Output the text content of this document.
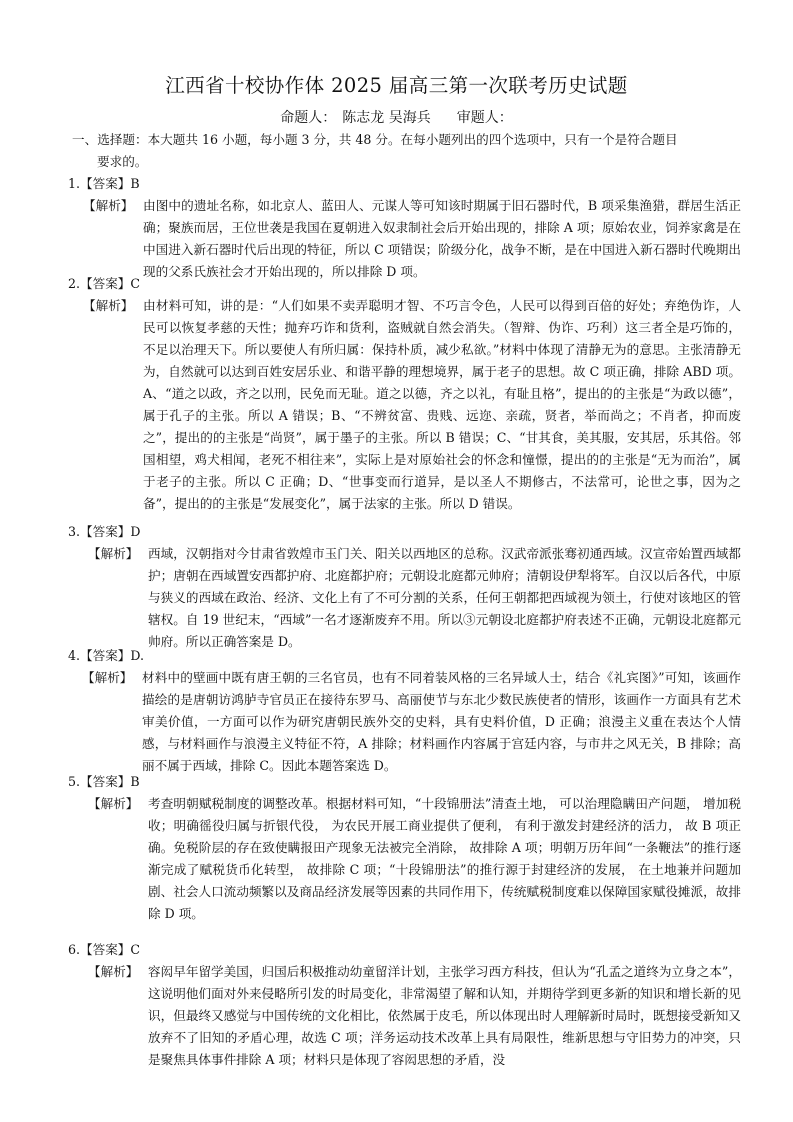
江西省十校协作体 2025 届高三第一次联考历史试题
命题人： 陈志龙 吴海兵 审题人：
一、选择题：本大题共 16 小题，每小题 3 分，共 48 分。在每小题列出的四个选项中，只有一个是符合题目
要求的。
1.【答案】B
【解析】 由图中的遗址名称，如北京人、蓝田人、元谋人等可知该时期属于旧石器时代，B 项采集渔猎，群居生活正确；聚族而居，王位世袭是我国在夏朝进入奴隶制社会后开始出现的，排除 A 项；原始农业，饲养家禽是在中国进入新石器时代后出现的特征，所以 C 项错误；阶级分化，战争不断，是在中国进入新石器时代晚期出现的父系氏族社会才开始出现的，所以排除 D 项。
2.【答案】C
【解析】 由材料可知，讲的是：“人们如果不卖弄聪明才智、不巧言令色，人民可以得到百倍的好处；弃绝伪诈，人民可以恢复孝慈的天性；抛弃巧诈和货利，盗贼就自然会消失。（智辩、伪诈、巧利）这三者全是巧饰的，不足以治理天下。所以要使人有所归属：保持朴质，减少私欲。”材料中体现了清静无为的意思。主张清静无为，自然就可以达到百姓安居乐业、和谐平静的理想境界，属于老子的思想。故 C 项正确，排除 ABD 项。A、“道之以政，齐之以刑，民免而无耻。道之以德，齐之以礼，有耻且格”，提出的的主张是“为政以德”，属于孔子的主张。所以 A 错误；B、“不辨贫富、贵贱、远迩、亲疏，贤者，举而尚之；不肖者，抑而废之”，提出的的主张是“尚贤”，属于墨子的主张。所以 B 错误；C、“甘其食，美其服，安其居，乐其俗。邻国相望，鸡犬相闻，老死不相往来”，实际上是对原始社会的怀念和憧憬，提出的的主张是“无为而治”，属于老子的主张。所以 C 正确；D、“世事变而行道异，是以圣人不期修古，不法常可，论世之事，因为之备”，提出的的主张是“发展变化”，属于法家的主张。所以 D 错误。
3.【答案】D
【解析】 西域，汉朝指对今甘肃省敦煌市玉门关、阳关以西地区的总称。汉武帝派张骞初通西域。汉宣帝始置西域都护；唐朝在西域置安西都护府、北庭都护府；元朝设北庭都元帅府；清朝设伊犁将军。自汉以后各代，中原与狭义的西域在政治、经济、文化上有了不可分割的关系，任何王朝都把西域视为领土，行使对该地区的管辖权。自 19 世纪末，“西域”一名才逐渐废弃不用。所以③元朝设北庭都护府表述不正确，元朝设北庭都元帅府。所以正确答案是 D。
4.【答案】D.
【解析】 材料中的壁画中既有唐王朝的三名官员，也有不同着装风格的三名异域人士，结合《礼宾图》”可知，该画作描绘的是唐朝访鸿胪寺官员正在接待东罗马、高丽使节与东北少数民族使者的情形，该画作一方面具有艺术审美价值，一方面可以作为研究唐朝民族外交的史料，具有史料价值，D 正确；浪漫主义重在表达个人情感，与材料画作与浪漫主义特征不符，A 排除；材料画作内容属于宫廷内容，与市井之风无关，B 排除；高丽不属于西域，排除 C。因此本题答案选 D。
5.【答案】B
【解析】 考查明朝赋税制度的调整改革。根据材料可知，“十段锦册法”清查土地， 可以治理隐瞒田产问题， 增加税收；明确徭役归属与折银代役， 为农民开展工商业提供了便利， 有利于激发封建经济的活力， 故 B 项正确。免税阶层的存在致使瞒报田产现象无法被完全消除， 故排除 A 项；明朝万历年间“一条鞭法”的推行逐渐完成了赋税货币化转型， 故排除 C 项；“十段锦册法”的推行源于封建经济的发展， 在土地兼并问题加剧、社会人口流动频繁以及商品经济发展等因素的共同作用下，传统赋税制度难以保障国家赋役摊派，故排除 D 项。
6.【答案】C
【解析】 容闳早年留学美国，归国后积极推动幼童留洋计划，主张学习西方科技，但认为“孔孟之道终为立身之本”，这说明他们面对外来侵略所引发的时局变化，非常渴望了解和认知，并期待学到更多新的知识和增长新的见识，但最终又感觉与中国传统的文化相比，依然属于皮毛，所以体现出时人理解新时局时，既想接受新知又放弃不了旧知的矛盾心理，故选 C 项；洋务运动技术改革上具有局限性，维新思想与守旧势力的冲突，只是聚焦具体事件排除 A 项；材料只是体现了容闳思想的矛盾，没
